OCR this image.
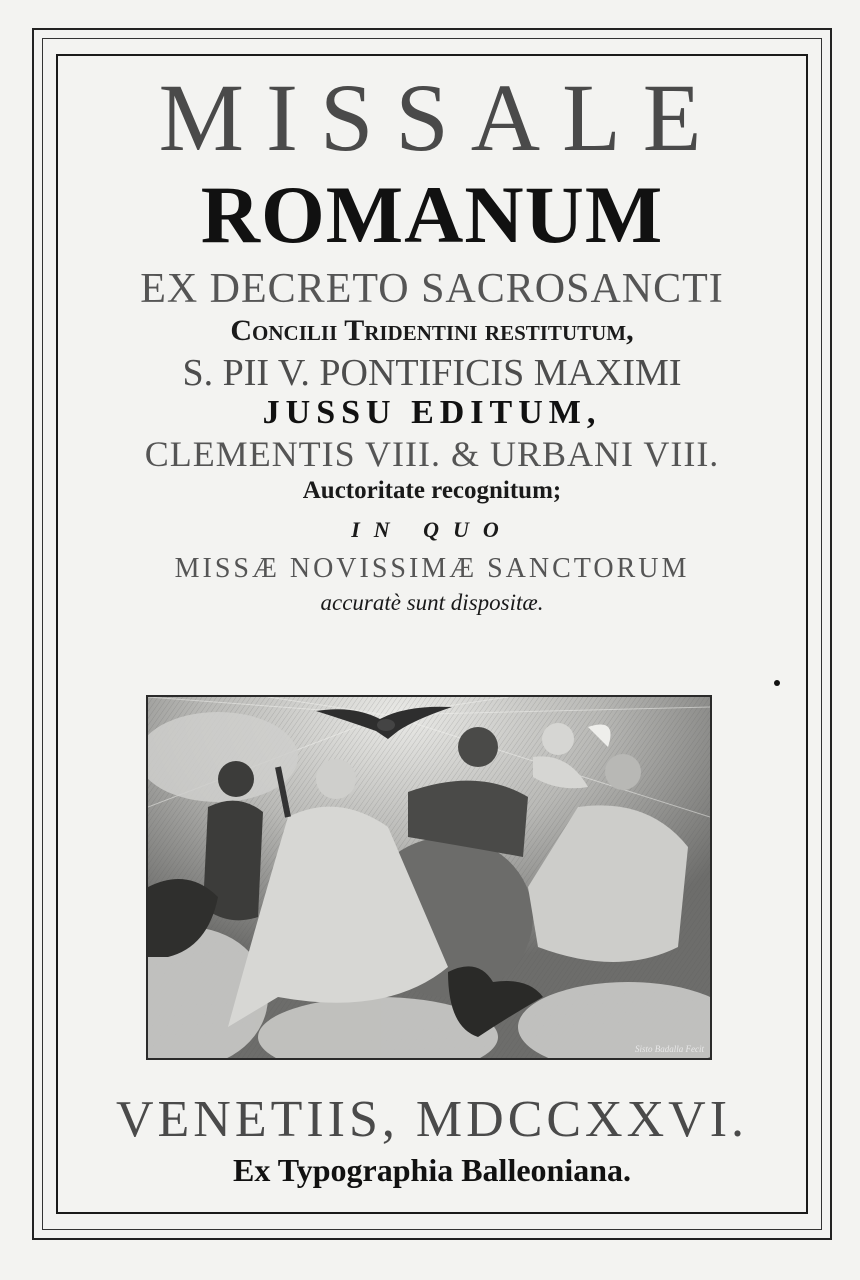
MISSALE
ROMANUM
EX DECRETO SACROSANCTI
Concilii Tridentini restitutum,
S. PII V. PONTIFICIS MAXIMI
JUSSU EDITUM,
CLEMENTIS VIII. & URBANI VIII.
Auctoritate recognitum;
IN QUO
MISSÆ NOVISSIMÆ SANCTORUM
accuratè sunt dispositæ.
Sisto Badalla Fecit
VENETIIS, MDCCXXVI.
Ex Typographia Balleoniana.
